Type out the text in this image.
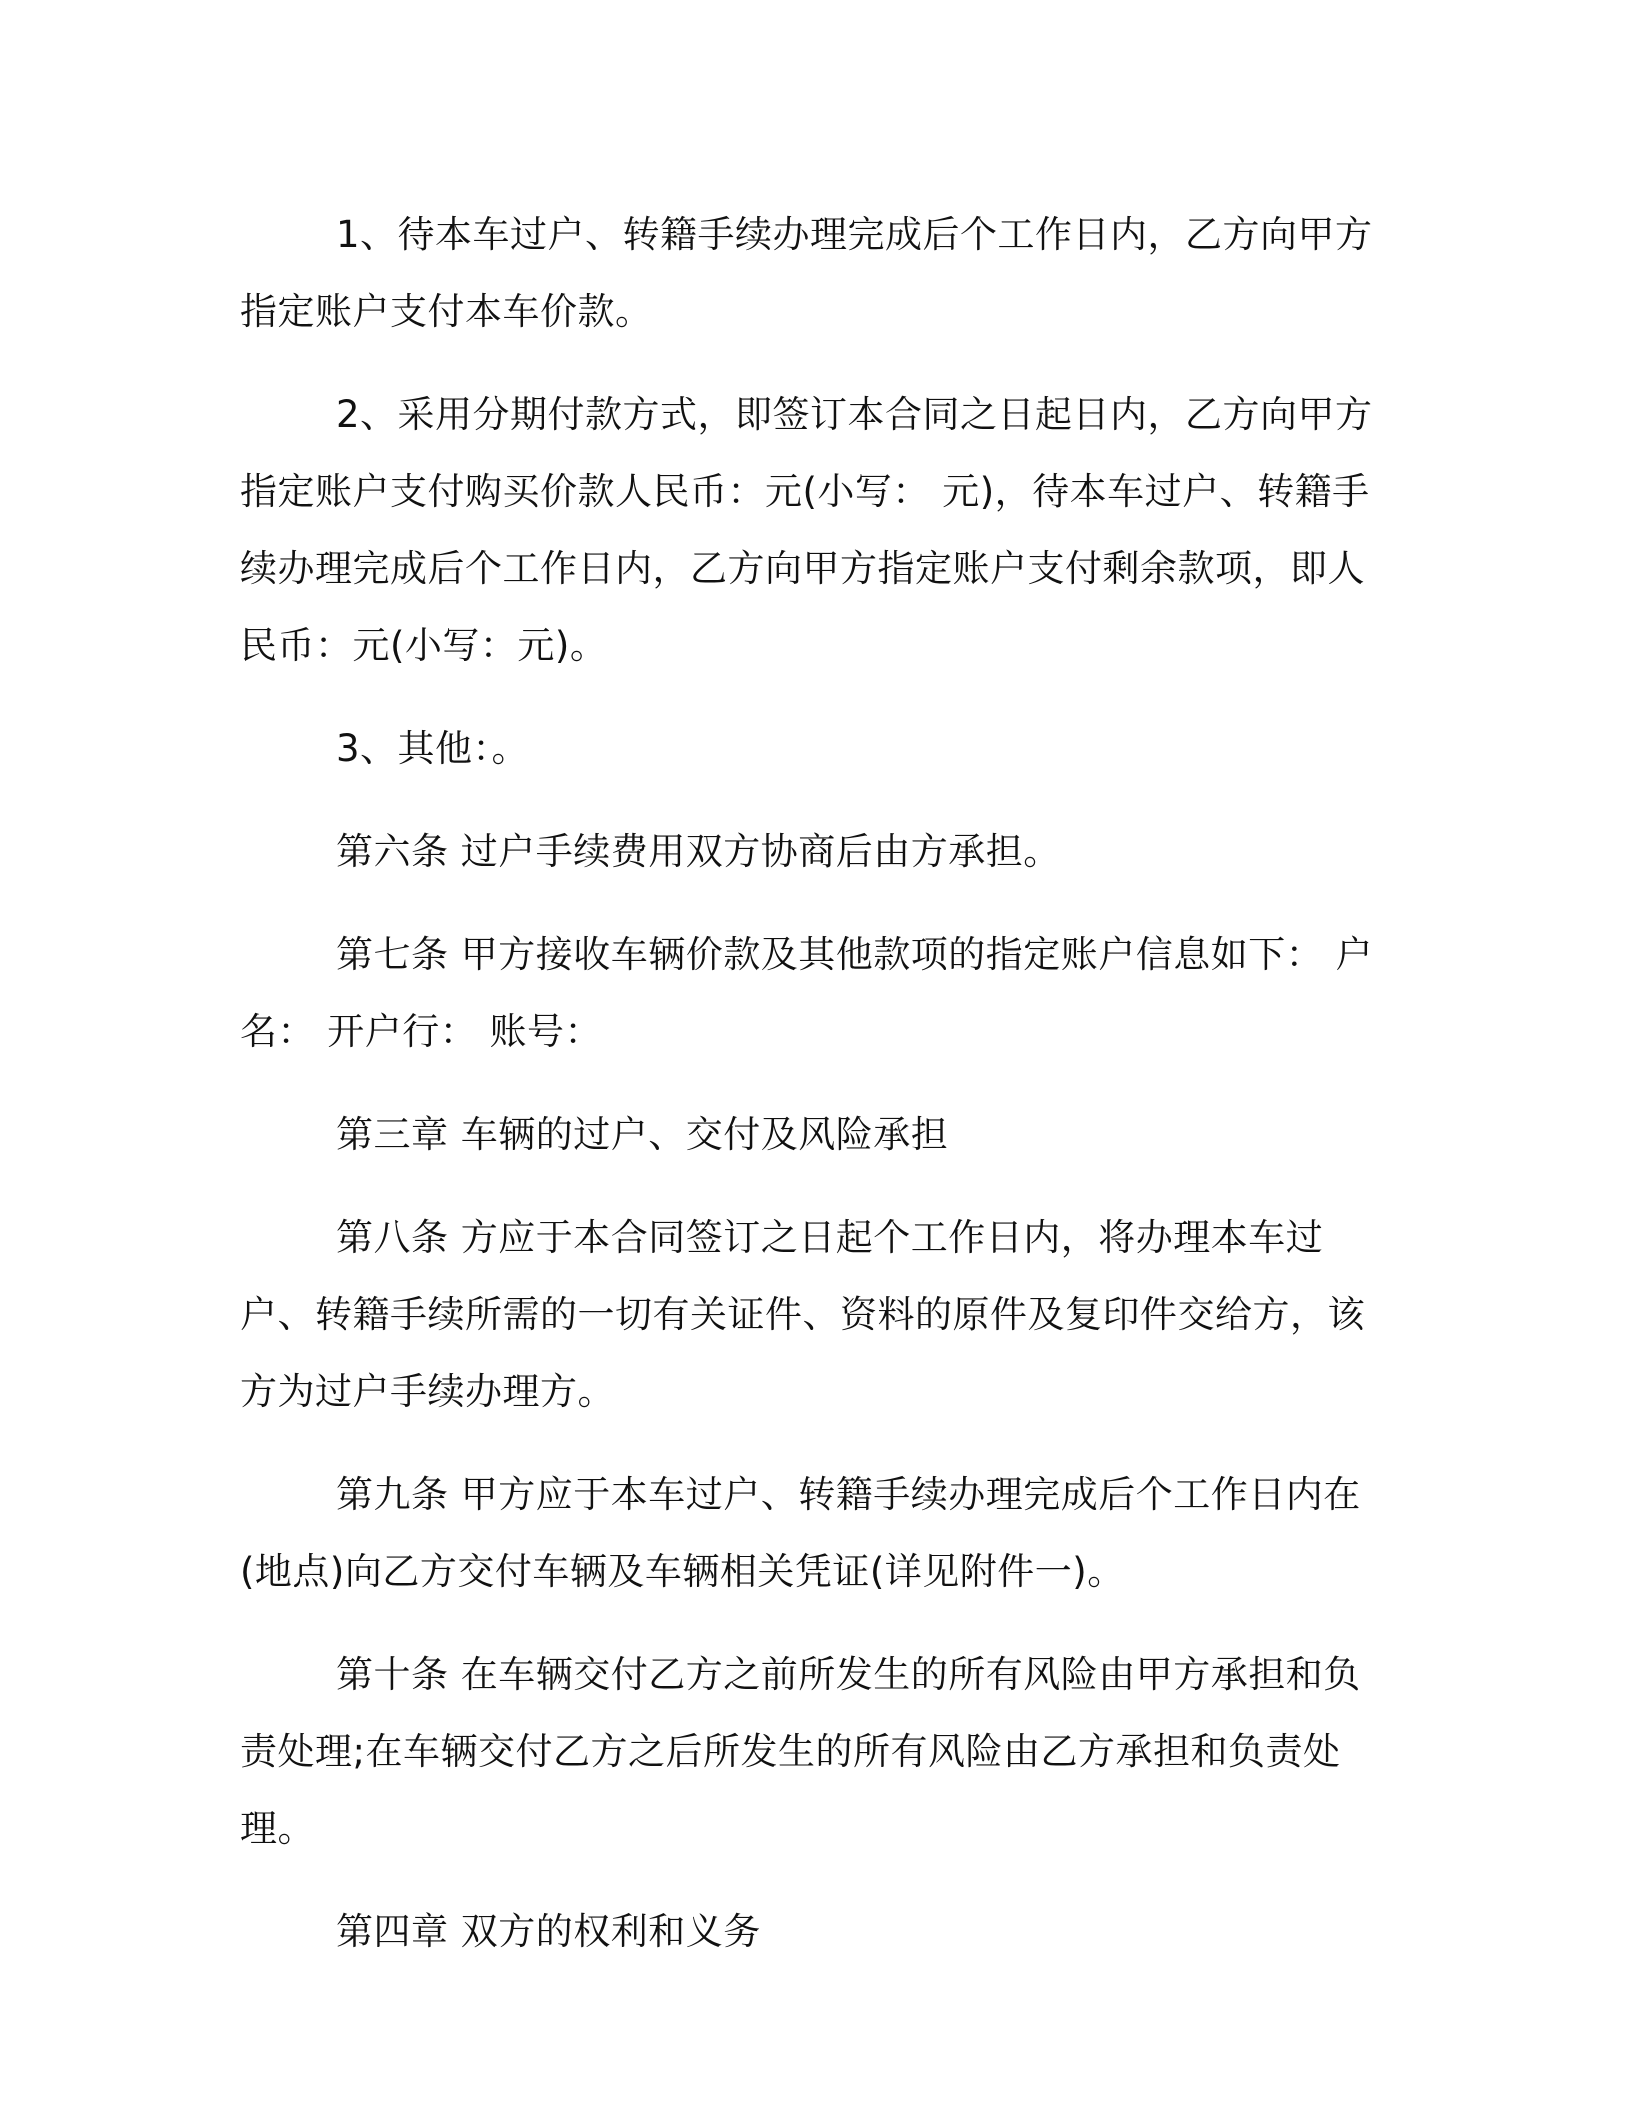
1、待本车过户、转籍手续办理完成后个工作日内，乙方向甲方指定账户支付本车价款。

2、采用分期付款方式，即签订本合同之日起日内，乙方向甲方指定账户支付购买价款人民币：元(小写： 元)，待本车过户、转籍手续办理完成后个工作日内，乙方向甲方指定账户支付剩余款项，即人民币：元(小写：元)。

3、其他：。

第六条 过户手续费用双方协商后由方承担。

第七条 甲方接收车辆价款及其他款项的指定账户信息如下： 户名： 开户行： 账号：

第三章 车辆的过户、交付及风险承担

第八条 方应于本合同签订之日起个工作日内，将办理本车过户、转籍手续所需的一切有关证件、资料的原件及复印件交给方，该方为过户手续办理方。

第九条 甲方应于本车过户、转籍手续办理完成后个工作日内在(地点)向乙方交付车辆及车辆相关凭证(详见附件一)。

第十条 在车辆交付乙方之前所发生的所有风险由甲方承担和负责处理;在车辆交付乙方之后所发生的所有风险由乙方承担和负责处理。

第四章 双方的权利和义务
